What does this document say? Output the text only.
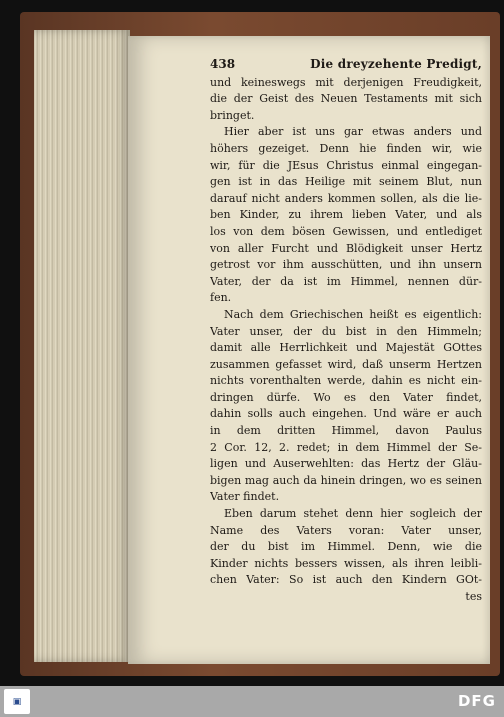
438	Die dreyzehente Predigt,
und keineswegs mit derjenigen Freudigkeit,
die der Geist des Neuen Testaments mit sich
bringet.
Hier aber ist uns gar etwas anders und
höhers gezeiget. Denn hie finden wir, wie
wir, für die JEsus Christus einmal eingegan-
gen ist in das Heilige mit seinem Blut, nun
darauf nicht anders kommen sollen, als die lie-
ben Kinder, zu ihrem lieben Vater, und als
los von dem bösen Gewissen, und entlediget
von aller Furcht und Blödigkeit unser Hertz
getrost vor ihm ausschütten, und ihn unsern
Vater, der da ist im Himmel, nennen dür-
fen.
Nach dem Griechischen heißt es eigentlich:
Vater unser, der du bist in den Himmeln;
damit alle Herrlichkeit und Majestät GOttes
zusammen gefasset wird, daß unserm Hertzen
nichts vorenthalten werde, dahin es nicht ein-
dringen dürfe. Wo es den Vater findet,
dahin solls auch eingehen. Und wäre er auch
in dem dritten Himmel, davon Paulus
2 Cor. 12, 2. redet; in dem Himmel der Se-
ligen und Auserwehlten: das Hertz der Gläu-
bigen mag auch da hinein dringen, wo es seinen
Vater findet.
Eben darum stehet denn hier sogleich der
Name des Vaters voran: Vater unser,
der du bist im Himmel. Denn, wie die
Kinder nichts bessers wissen, als ihren leibli-
chen Vater: So ist auch den Kindern GOt-
tes
▣	DFG
